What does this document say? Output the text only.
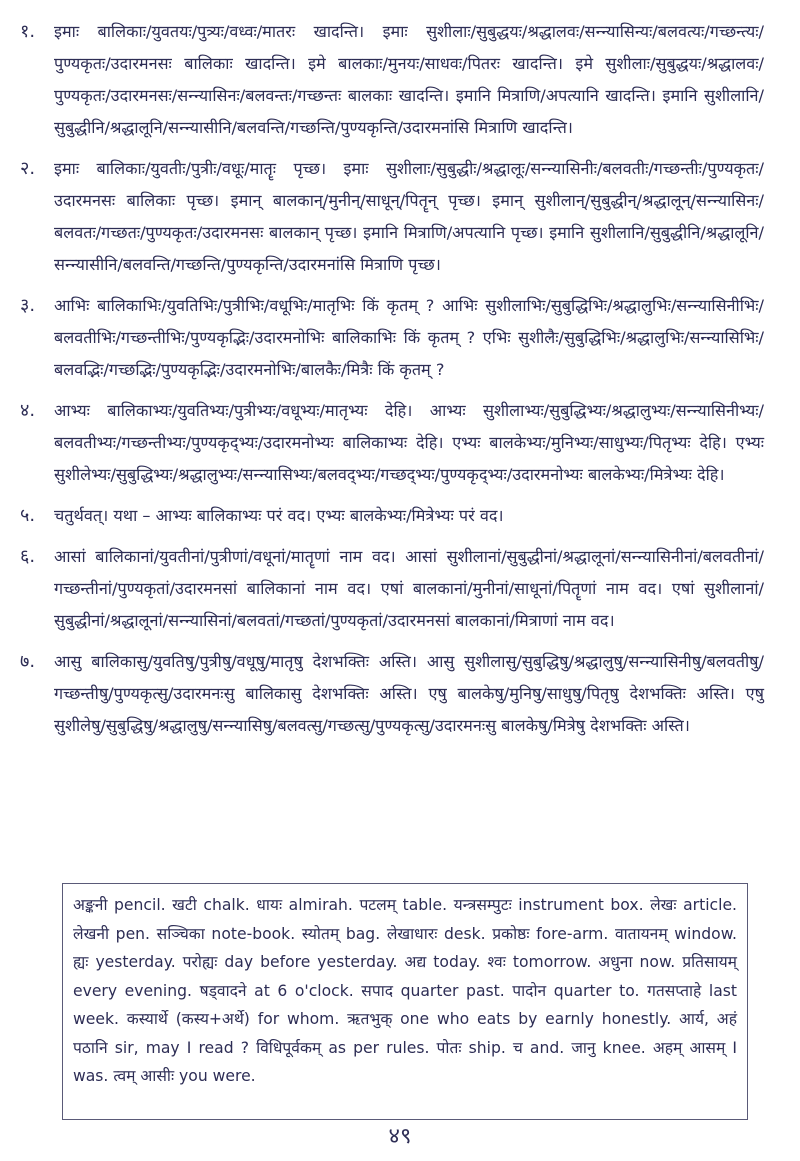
१.	इमाः बालिकाः/युवतयः/पुत्र्यः/वध्वः/मातरः खादन्ति। इमाः सुशीलाः/सुबुद्धयः/श्रद्धालवः/सन्न्यासिन्यः/बलवत्यः/गच्छन्त्यः/पुण्यकृतः/उदारमनसः बालिकाः खादन्ति। इमे बालकाः/मुनयः/साधवः/पितरः खादन्ति। इमे सुशीलाः/सुबुद्धयः/श्रद्धालवः/पुण्यकृतः/उदारमनसः/सन्न्यासिनः/बलवन्तः/गच्छन्तः बालकाः खादन्ति। इमानि मित्राणि/अपत्यानि खादन्ति। इमानि सुशीलानि/सुबुद्धीनि/श्रद्धालूनि/सन्न्यासीनि/बलवन्ति/गच्छन्ति/पुण्यकृन्ति/उदारमनांसि मित्राणि खादन्ति।
२.	इमाः बालिकाः/युवतीः/पुत्रीः/वधूः/मातॄः पृच्छ। इमाः सुशीलाः/सुबुद्धीः/श्रद्धालूः/सन्न्यासिनीः/बलवतीः/गच्छन्तीः/पुण्यकृतः/उदारमनसः बालिकाः पृच्छ। इमान् बालकान्/मुनीन्/साधून्/पितॄन् पृच्छ। इमान् सुशीलान्/सुबुद्धीन्/श्रद्धालून्/सन्न्यासिनः/बलवतः/गच्छतः/पुण्यकृतः/उदारमनसः बालकान् पृच्छ। इमानि मित्राणि/अपत्यानि पृच्छ। इमानि सुशीलानि/सुबुद्धीनि/श्रद्धालूनि/सन्न्यासीनि/बलवन्ति/गच्छन्ति/पुण्यकृन्ति/उदारमनांसि मित्राणि पृच्छ।
३.	आभिः बालिकाभिः/युवतिभिः/पुत्रीभिः/वधूभिः/मातृभिः किं कृतम् ? आभिः सुशीलाभिः/सुबुद्धिभिः/श्रद्धालुभिः/सन्न्यासिनीभिः/बलवतीभिः/गच्छन्तीभिः/पुण्यकृद्भिः/उदारमनोभिः बालिकाभिः किं कृतम् ? एभिः सुशीलैः/सुबुद्धिभिः/श्रद्धालुभिः/सन्न्यासिभिः/बलवद्भिः/गच्छद्भिः/पुण्यकृद्भिः/उदारमनोभिः/बालकैः/मित्रैः किं कृतम् ?
४.	आभ्यः बालिकाभ्यः/युवतिभ्यः/पुत्रीभ्यः/वधूभ्यः/मातृभ्यः देहि। आभ्यः सुशीलाभ्यः/सुबुद्धिभ्यः/श्रद्धालुभ्यः/सन्न्यासिनीभ्यः/बलवतीभ्यः/गच्छन्तीभ्यः/पुण्यकृद्भ्यः/उदारमनोभ्यः बालिकाभ्यः देहि। एभ्यः बालकेभ्यः/मुनिभ्यः/साधुभ्यः/पितृभ्यः देहि। एभ्यः सुशीलेभ्यः/सुबुद्धिभ्यः/श्रद्धालुभ्यः/सन्न्यासिभ्यः/बलवद्भ्यः/गच्छद्भ्यः/पुण्यकृद्भ्यः/उदारमनोभ्यः बालकेभ्यः/मित्रेभ्यः देहि।
५.	चतुर्थवत्। यथा – आभ्यः बालिकाभ्यः परं वद। एभ्यः बालकेभ्यः/मित्रेभ्यः परं वद।
६.	आसां बालिकानां/युवतीनां/पुत्रीणां/वधूनां/मातॄणां नाम वद। आसां सुशीलानां/सुबुद्धीनां/श्रद्धालूनां/सन्न्यासिनीनां/बलवतीनां/गच्छन्तीनां/पुण्यकृतां/उदारमनसां बालिकानां नाम वद। एषां बालकानां/मुनीनां/साधूनां/पितॄणां नाम वद। एषां सुशीलानां/सुबुद्धीनां/श्रद्धालूनां/सन्न्यासिनां/बलवतां/गच्छतां/पुण्यकृतां/उदारमनसां बालकानां/मित्राणां नाम वद।
७.	आसु बालिकासु/युवतिषु/पुत्रीषु/वधूषु/मातृषु देशभक्तिः अस्ति। आसु सुशीलासु/सुबुद्धिषु/श्रद्धालुषु/सन्न्यासिनीषु/बलवतीषु/गच्छन्तीषु/पुण्यकृत्सु/उदारमनःसु बालिकासु देशभक्तिः अस्ति। एषु बालकेषु/मुनिषु/साधुषु/पितृषु देशभक्तिः अस्ति। एषु सुशीलेषु/सुबुद्धिषु/श्रद्धालुषु/सन्न्यासिषु/बलवत्सु/गच्छत्सु/पुण्यकृत्सु/उदारमनःसु बालकेषु/मित्रेषु देशभक्तिः अस्ति।
अङ्कनी pencil. खटी chalk. धायः almirah. पटलम् table. यन्त्रसम्पुटः instrument box. लेखः article. लेखनी pen. सञ्चिका note-book. स्योतम् bag. लेखाधारः desk. प्रकोष्ठः fore-arm. वातायनम् window. ह्यः yesterday. परोह्यः day before yesterday. अद्य today. श्वः tomorrow. अधुना now. प्रतिसायम् every evening. षड्वादने at 6 o'clock. सपाद quarter past. पादोन quarter to. गतसप्ताहे last week. कस्यार्थे (कस्य+अर्थे) for whom. ऋतभुक् one who eats by earnly honestly. आर्य, अहं पठानि sir, may I read ? विधिपूर्वकम् as per rules. पोतः ship. च and. जानु knee. अहम् आसम् I was. त्वम् आसीः you were.
४९
